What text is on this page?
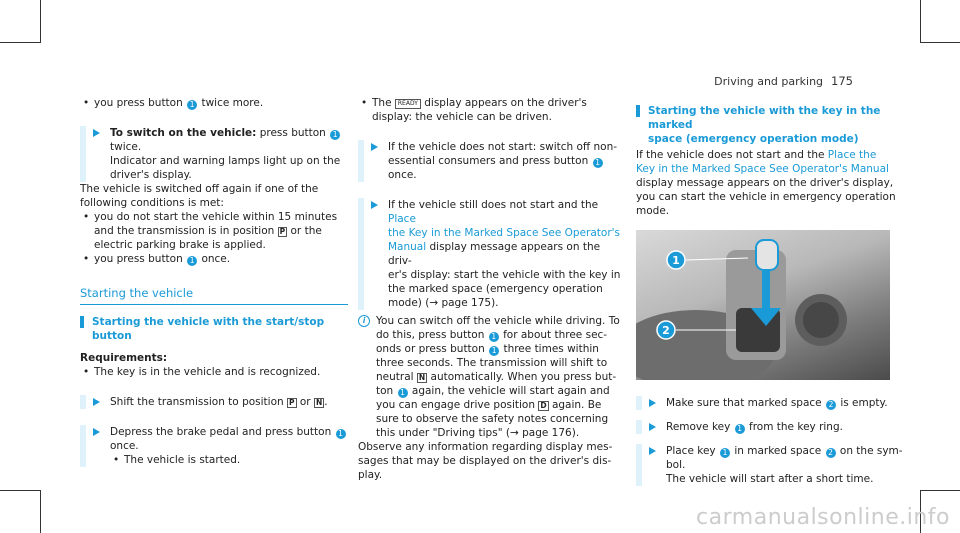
Driving and parking 175

• you press button 1 twice more.

To switch on the vehicle: press button 1

twice.

Indicator and warning lamps light up on the

driver's display.

The vehicle is switched off again if one of the following conditions is met:

• you do not start the vehicle within 15 minutes
and the transmission is in position P or the
electric parking brake is applied.

• you press button 1 once.

Starting the vehicle
Starting the vehicle with the start/stop button

Requirements:

• The key is in the vehicle and is recognized.

Shift the transmission to position P or N .

Depress the brake pedal and press button 1

once.

• The vehicle is started.

• The READY display appears on the driver's
display: the vehicle can be driven.

If the vehicle does not start: switch off non-

essential consumers and press button 1

once.

If the vehicle still does not start and the Place

the Key in the Marked Space See Operator's

Manual display message appears on the driv-

er's display: start the vehicle with the key in

the marked space (emergency operation

mode) (→ page 175).

i	You can switch off the vehicle while driving. To

do this, press button 1 for about three sec-

onds or press button 1 three times within

three seconds. The transmission will shift to

neutral N automatically. When you press but-

ton 1 again, the vehicle will start again and

you can engage drive position D again. Be

sure to observe the safety notes concerning

this under "Driving tips" (→ page 176).

Observe any information regarding display mes-
sages that may be displayed on the driver's dis-
play.

Starting the vehicle with the key in the marked
space (emergency operation mode)

If the vehicle does not start and the Place the
Key in the Marked Space See Operator's Manual
display message appears on the driver's display,
you can start the vehicle in emergency operation
mode.

1
2

Make sure that marked space 2 is empty.

Remove key 1 from the key ring.

Place key 1 in marked space 2 on the sym-

bol.

The vehicle will start after a short time.

carmanualsonline.info
